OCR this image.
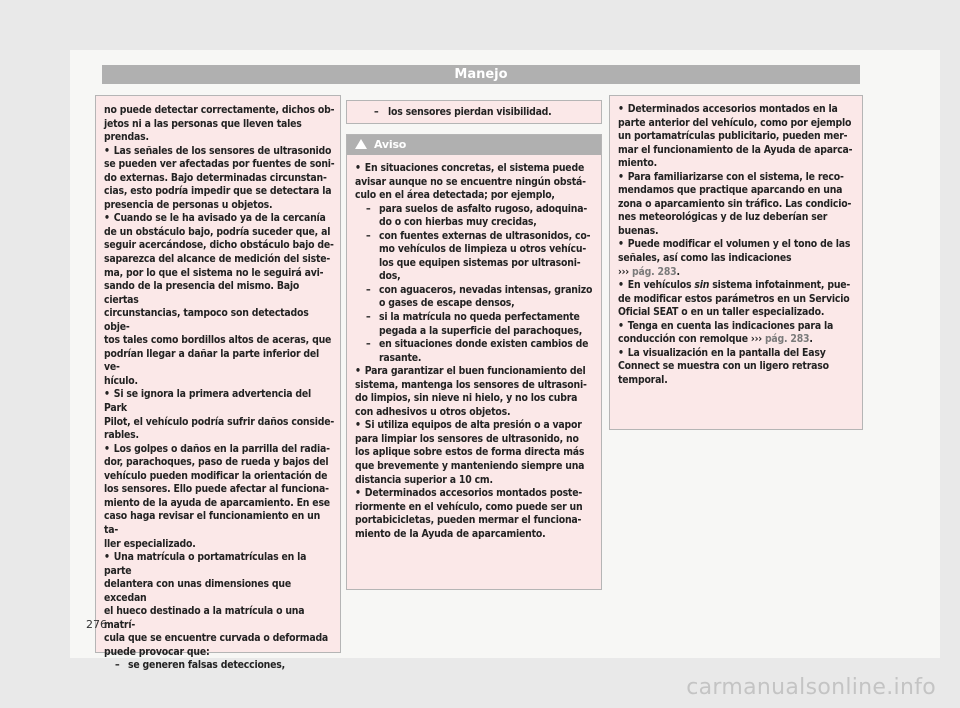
Manejo

no puede detectar correctamente, dichos ob-

jetos ni a las personas que lleven tales

prendas.

• Las señales de los sensores de ultrasonido

se pueden ver afectadas por fuentes de soni-

do externas. Bajo determinadas circunstan-

cias, esto podría impedir que se detectara la

presencia de personas u objetos.

• Cuando se le ha avisado ya de la cercanía

de un obstáculo bajo, podría suceder que, al

seguir acercándose, dicho obstáculo bajo de-

saparezca del alcance de medición del siste-

ma, por lo que el sistema no le seguirá avi-

sando de la presencia del mismo. Bajo ciertas

circunstancias, tampoco son detectados obje-

tos tales como bordillos altos de aceras, que

podrían llegar a dañar la parte inferior del ve-

hículo.

• Si se ignora la primera advertencia del Park

Pilot, el vehículo podría sufrir daños conside-

rables.

• Los golpes o daños en la parrilla del radia-

dor, parachoques, paso de rueda y bajos del

vehículo pueden modificar la orientación de

los sensores. Ello puede afectar al funciona-

miento de la ayuda de aparcamiento. En ese

caso haga revisar el funcionamiento en un ta-

ller especializado.

• Una matrícula o portamatrículas en la parte

delantera con unas dimensiones que excedan

el hueco destinado a la matrícula o una matrí-

cula que se encuentre curvada o deformada

puede provocar que:

– se generen falsas detecciones,

– los sensores pierdan visibilidad.
Aviso

• En situaciones concretas, el sistema puede

avisar aunque no se encuentre ningún obstá-

culo en el área detectada; por ejemplo,

– para suelos de asfalto rugoso, adoquina-

do o con hierbas muy crecidas,

– con fuentes externas de ultrasonidos, co-

mo vehículos de limpieza u otros vehícu-

los que equipen sistemas por ultrasoni-

dos,

– con aguaceros, nevadas intensas, granizo

o gases de escape densos,

– si la matrícula no queda perfectamente

pegada a la superficie del parachoques,

– en situaciones donde existen cambios de

rasante.

• Para garantizar el buen funcionamiento del

sistema, mantenga los sensores de ultrasoni-

do limpios, sin nieve ni hielo, y no los cubra

con adhesivos u otros objetos.

• Si utiliza equipos de alta presión o a vapor

para limpiar los sensores de ultrasonido, no

los aplique sobre estos de forma directa más

que brevemente y manteniendo siempre una

distancia superior a 10 cm.

• Determinados accesorios montados poste-

riormente en el vehículo, como puede ser un

portabicicletas, pueden mermar el funciona-

miento de la Ayuda de aparcamiento.

• Determinados accesorios montados en la

parte anterior del vehículo, como por ejemplo

un portamatrículas publicitario, pueden mer-

mar el funcionamiento de la Ayuda de aparca-

miento.

• Para familiarizarse con el sistema, le reco-

mendamos que practique aparcando en una

zona o aparcamiento sin tráfico. Las condicio-

nes meteorológicas y de luz deberían ser

buenas.

• Puede modificar el volumen y el tono de las

señales, así como las indicaciones

››› pág. 283.

• En vehículos sin sistema infotainment, pue-

de modificar estos parámetros en un Servicio

Oficial SEAT o en un taller especializado.

• Tenga en cuenta las indicaciones para la

conducción con remolque ››› pág. 283.

• La visualización en la pantalla del Easy

Connect se muestra con un ligero retraso

temporal.

276
carmanualsonline.info
